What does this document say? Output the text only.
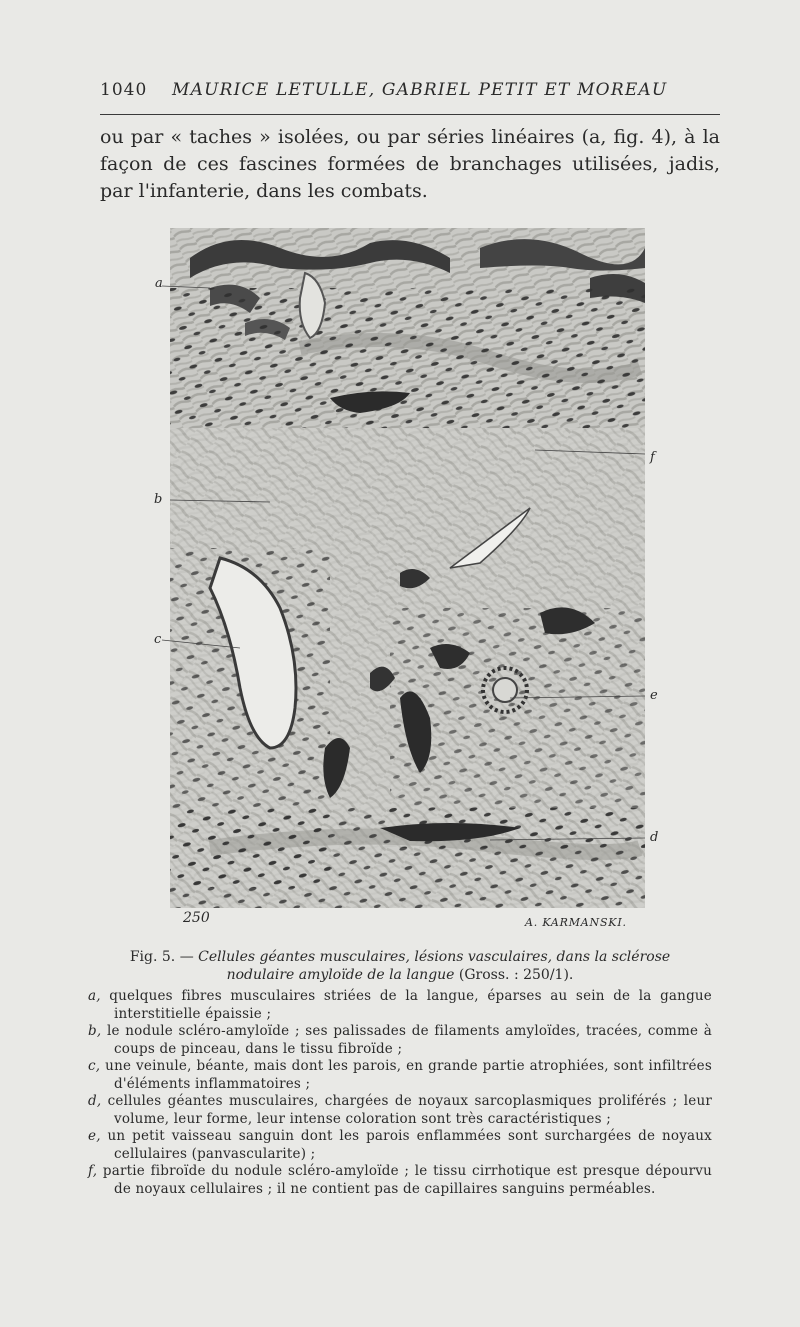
1040 MAURICE LETULLE, GABRIEL PETIT ET MOREAU

ou par « taches » isolées, ou par séries linéaires (a, fig. 4), à la façon de ces fascines formées de branchages utilisées, jadis, par l'infanterie, dans les combats.

a
b
c
d
e
f
250	A. KARMANSKI.
Fig. 5. — Cellules géantes musculaires, lésions vasculaires, dans la sclérose nodulaire amyloïde de la langue (Gross. : 250/1).

a, quelques fibres musculaires striées de la langue, éparses au sein de la gangue interstitielle épaissie ;

b, le nodule scléro-amyloïde ; ses palissades de filaments amyloïdes, tracées, comme à coups de pinceau, dans le tissu fibroïde ;

c, une veinule, béante, mais dont les parois, en grande partie atrophiées, sont infiltrées d'éléments inflammatoires ;

d, cellules géantes musculaires, chargées de noyaux sarcoplasmiques proliférés ; leur volume, leur forme, leur intense coloration sont très caractéristiques ;

e, un petit vaisseau sanguin dont les parois enflammées sont surchargées de noyaux cellulaires (panvascularite) ;

f, partie fibroïde du nodule scléro-amyloïde ; le tissu cirrhotique est presque dépourvu de noyaux cellulaires ; il ne contient pas de capillaires sanguins perméables.
